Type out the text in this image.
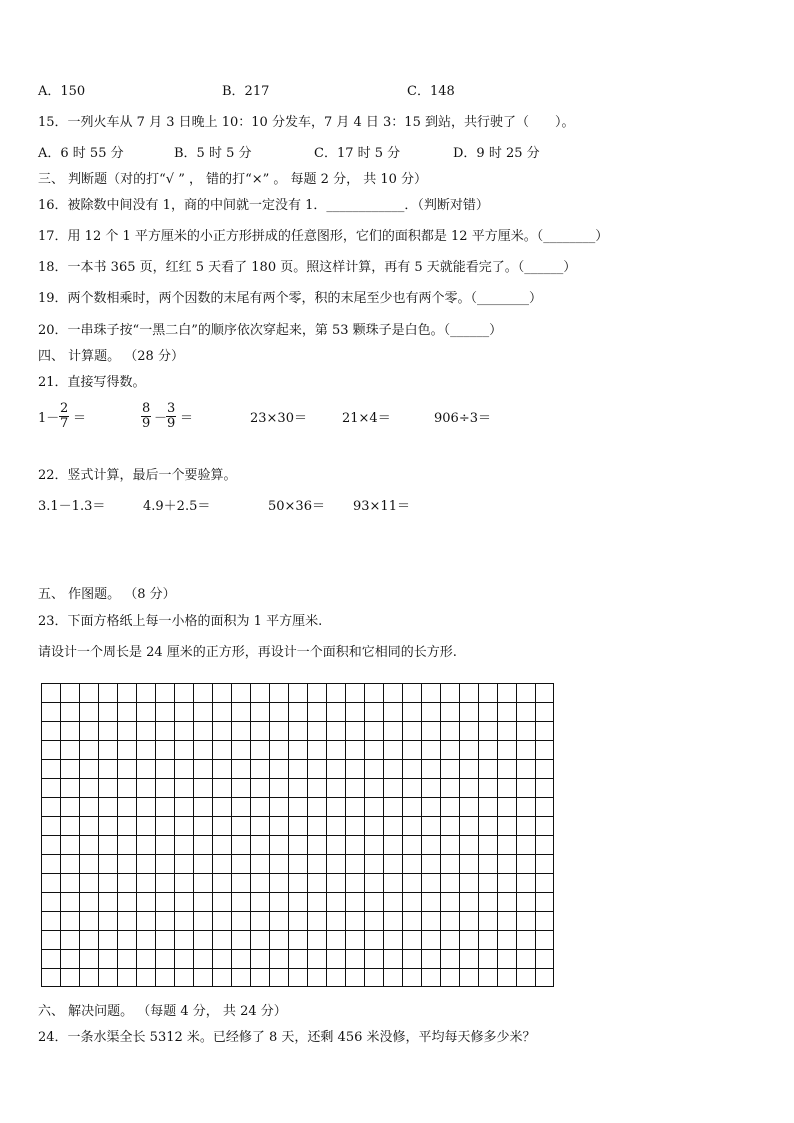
A．150	B．217	C．148
15．一列火车从 7 月 3 日晚上 10：10 分发车，7 月 4 日 3：15 到站，共行驶了（　　）。
A．6 时 55 分	B．5 时 5 分	C．17 时 5 分	D．9 时 25 分
三、 判断题（对的打“√ ” ， 错的打“×” 。 每题 2 分， 共 10 分）
16．被除数中间没有 1，商的中间就一定没有 1．____________．（判断对错）
17．用 12 个 1 平方厘米的小正方形拼成的任意图形，它们的面积都是 12 平方厘米。（________）
18．一本书 365 页，红红 5 天看了 180 页。照这样计算，再有 5 天就能看完了。（______）
19．两个数相乘时，两个因数的末尾有两个零，积的末尾至少也有两个零。（________）
20．一串珠子按“一黑二白”的顺序依次穿起来，第 53 颗珠子是白色。（______）
四、 计算题。 （28 分）
21．直接写得数。
$1- \frac{2}{7}$ ＝	$\frac{8}{9}$ －
$\frac{3}{9}$ ＝	23×30＝	21×4＝	906÷3＝
22．竖式计算，最后一个要验算。
3.1－1.3＝	4.9＋2.5＝	50×36＝ 93×11＝
五、 作图题。 （8 分）
23．下面方格纸上每一小格的面积为 1 平方厘米.
请设计一个周长是 24 厘米的正方形，再设计一个面积和它相同的长方形.
六、 解决问题。 （每题 4 分， 共 24 分）
24．一条水渠全长 5312 米。已经修了 8 天，还剩 456 米没修，平均每天修多少米？
